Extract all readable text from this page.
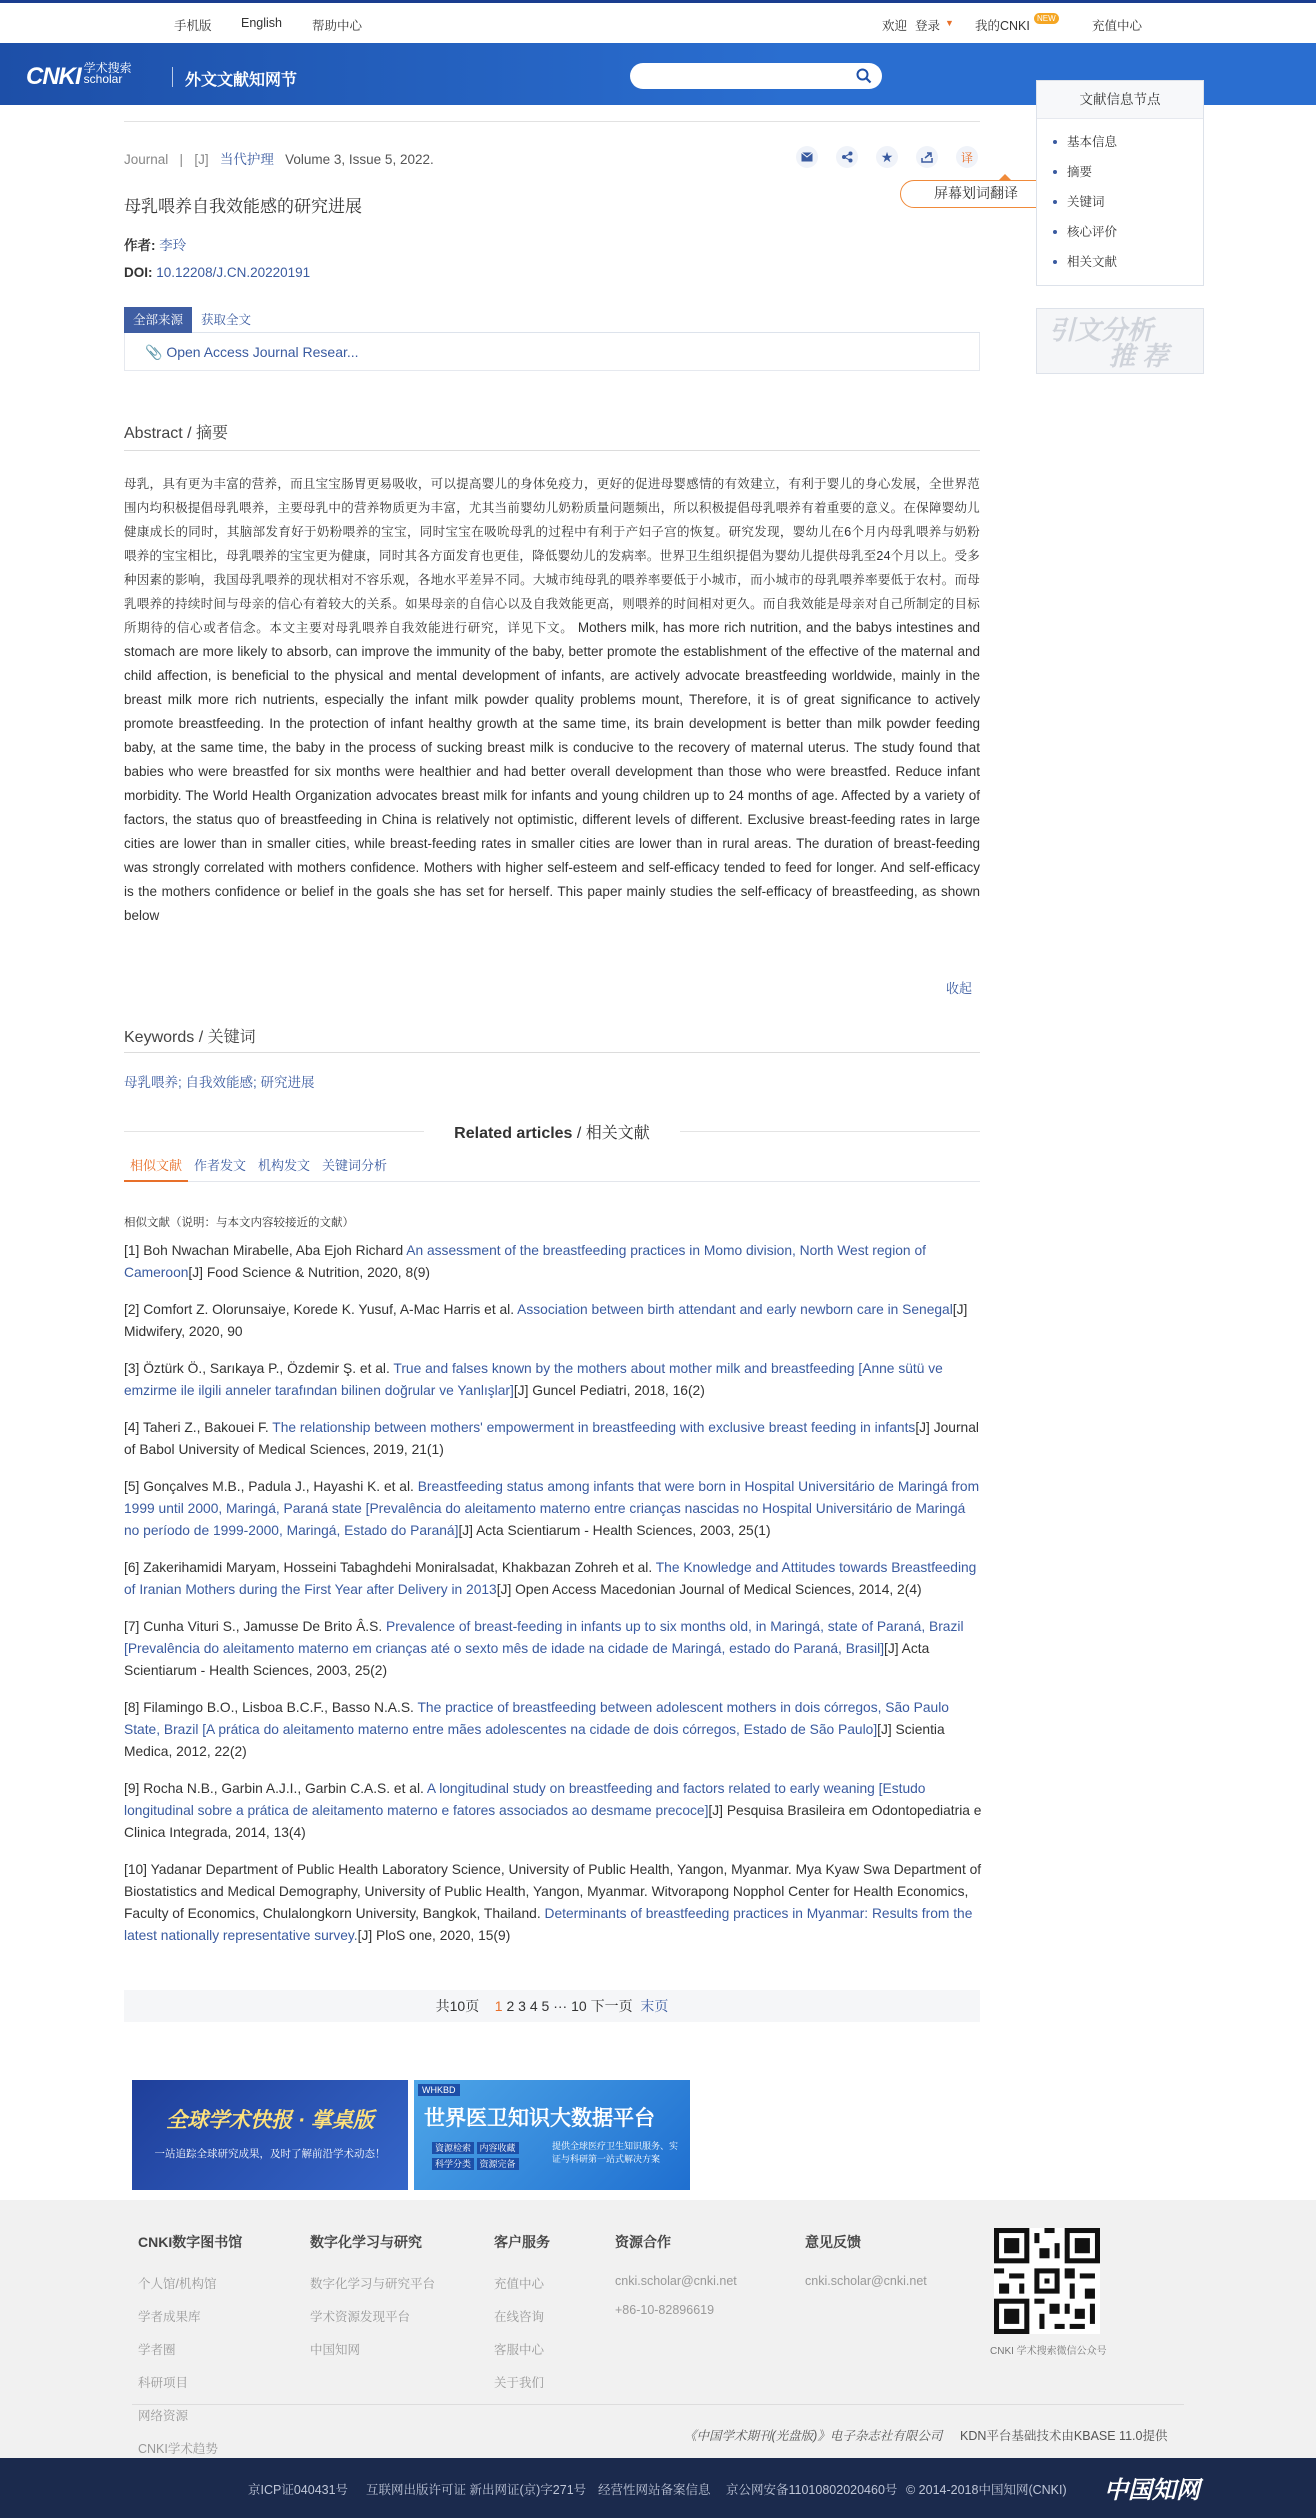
手机版 English 帮助中心	欢迎 登录 ▼ 我的CNKI
NEW
充值中心
CNKI 学术搜索
scholar	外文文献知网节
Journal | [J] 当代护理 Volume 3, Issue 5, 2022.	★	译
屏幕划词翻译
母乳喂养自我效能感的研究进展
作者: 李玲
DOI: 10.12208/J.CN.20220191
全部来源	获取全文
📎 Open Access Journal Resear...
文献信息节点
基本信息
摘要
关键词
核心评价
相关文献
引文分析
推 荐
Abstract / 摘要
母乳，具有更为丰富的营养，而且宝宝肠胃更易吸收，可以提高婴儿的身体免疫力，更好的促进母婴感情的有效建立，有利于婴儿的身心发展，全世界范围内均积极提倡母乳喂养，主要母乳中的营养物质更为丰富，尤其当前婴幼儿奶粉质量问题频出，所以积极提倡母乳喂养有着重要的意义。在保障婴幼儿健康成长的同时，其脑部发育好于奶粉喂养的宝宝，同时宝宝在吸吮母乳的过程中有利于产妇子宫的恢复。研究发现，婴幼儿在6个月内母乳喂养与奶粉喂养的宝宝相比，母乳喂养的宝宝更为健康，同时其各方面发育也更佳，降低婴幼儿的发病率。世界卫生组织提倡为婴幼儿提供母乳至24个月以上。受多种因素的影响，我国母乳喂养的现状相对不容乐观，各地水平差异不同。大城市纯母乳的喂养率要低于小城市，而小城市的母乳喂养率要低于农村。而母乳喂养的持续时间与母亲的信心有着较大的关系。如果母亲的自信心以及自我效能更高，则喂养的时间相对更久。而自我效能是母亲对自己所制定的目标所期待的信心或者信念。本文主要对母乳喂养自我效能进行研究，详见下文。 Mothers milk, has more rich nutrition, and the babys intestines and stomach are more likely to absorb, can improve the immunity of the baby, better promote the establishment of the effective of the maternal and child affection, is beneficial to the physical and mental development of infants, are actively advocate breastfeeding worldwide, mainly in the breast milk more rich nutrients, especially the infant milk powder quality problems mount, Therefore, it is of great significance to actively promote breastfeeding. In the protection of infant healthy growth at the same time, its brain development is better than milk powder feeding baby, at the same time, the baby in the process of sucking breast milk is conducive to the recovery of maternal uterus. The study found that babies who were breastfed for six months were healthier and had better overall development than those who were breastfed. Reduce infant morbidity. The World Health Organization advocates breast milk for infants and young children up to 24 months of age. Affected by a variety of factors, the status quo of breastfeeding in China is relatively not optimistic, different levels of different. Exclusive breast-feeding rates in large cities are lower than in smaller cities, while breast-feeding rates in smaller cities are lower than in rural areas. The duration of breast-feeding was strongly correlated with mothers confidence. Mothers with higher self-esteem and self-efficacy tended to feed for longer. And self-efficacy is the mothers confidence or belief in the goals she has set for herself. This paper mainly studies the self-efficacy of breastfeeding, as shown below
收起
Keywords / 关键词
母乳喂养; 自我效能感; 研究进展
Related articles / 相关文献
相似文献 作者发文 机构发文 关键词分析
相似文献（说明：与本文内容较接近的文献）
[1] Boh Nwachan Mirabelle, Aba Ejoh Richard An assessment of the breastfeeding practices in Momo division, North West region of Cameroon[J] Food Science & Nutrition, 2020, 8(9)
[2] Comfort Z. Olorunsaiye, Korede K. Yusuf, A-Mac Harris et al. Association between birth attendant and early newborn care in Senegal[J] Midwifery, 2020, 90
[3] Öztürk Ö., Sarıkaya P., Özdemir Ş. et al. True and falses known by the mothers about mother milk and breastfeeding [Anne sütü ve emzirme ile ilgili anneler tarafından bilinen doğrular ve Yanlışlar][J] Guncel Pediatri, 2018, 16(2)
[4] Taheri Z., Bakouei F. The relationship between mothers' empowerment in breastfeeding with exclusive breast feeding in infants[J] Journal of Babol University of Medical Sciences, 2019, 21(1)
[5] Gonçalves M.B., Padula J., Hayashi K. et al. Breastfeeding status among infants that were born in Hospital Universitário de Maringá from 1999 until 2000, Maringá, Paraná state [Prevalência do aleitamento materno entre crianças nascidas no Hospital Universitário de Maringá no período de 1999-2000, Maringá, Estado do Paraná][J] Acta Scientiarum - Health Sciences, 2003, 25(1)
[6] Zakerihamidi Maryam, Hosseini Tabaghdehi Moniralsadat, Khakbazan Zohreh et al. The Knowledge and Attitudes towards Breastfeeding of Iranian Mothers during the First Year after Delivery in 2013[J] Open Access Macedonian Journal of Medical Sciences, 2014, 2(4)
[7] Cunha Vituri S., Jamusse De Brito Â.S. Prevalence of breast-feeding in infants up to six months old, in Maringá, state of Paraná, Brazil [Prevalência do aleitamento materno em crianças até o sexto mês de idade na cidade de Maringá, estado do Paraná, Brasil][J] Acta Scientiarum - Health Sciences, 2003, 25(2)
[8] Filamingo B.O., Lisboa B.C.F., Basso N.A.S. The practice of breastfeeding between adolescent mothers in dois córregos, São Paulo State, Brazil [A prática do aleitamento materno entre mães adolescentes na cidade de dois córregos, Estado de São Paulo][J] Scientia Medica, 2012, 22(2)
[9] Rocha N.B., Garbin A.J.I., Garbin C.A.S. et al. A longitudinal study on breastfeeding and factors related to early weaning [Estudo longitudinal sobre a prática de aleitamento materno e fatores associados ao desmame precoce][J] Pesquisa Brasileira em Odontopediatria e Clinica Integrada, 2014, 13(4)
[10] Yadanar Department of Public Health Laboratory Science, University of Public Health, Yangon, Myanmar. Mya Kyaw Swa Department of Biostatistics and Medical Demography, University of Public Health, Yangon, Myanmar. Witvorapong Nopphol Center for Health Economics, Faculty of Economics, Chulalongkorn University, Bangkok, Thailand. Determinants of breastfeeding practices in Myanmar: Results from the latest nationally representative survey.[J] PloS one, 2020, 15(9)
共10页 1 2 3 4 5 ··· 10 下一页 末页
全球学术快报 · 掌桌版
一站追踪全球研究成果，及时了解前沿学术动态！
WHKBD
世界医卫知识大数据平台
資源检索 内容收藏
科学分类 资源完备
提供全球医疗卫生知识服务、实证与科研第一站式解决方案
CNKI数字图书馆
个人馆/机构馆
学者成果库
学者圈
科研项目
网络资源
CNKI学术趋势
数字化学习与研究
数字化学习与研究平台
学术资源发现平台
中国知网
客户服务
充值中心
在线咨询
客服中心
关于我们
资源合作
cnki.scholar@cnki.net
+86-10-82896619
意见反馈
cnki.scholar@cnki.net
CNKI 学术搜索微信公众号
《中国学术期刊(光盘版)》电子杂志社有限公司 KDN平台基础技术由KBASE 11.0提供
京ICP证040431号 互联网出版许可证 新出网证(京)字271号 经营性网站备案信息 京公网安备11010802020460号 © 2014-2018中国知网(CNKI) 中国知网
